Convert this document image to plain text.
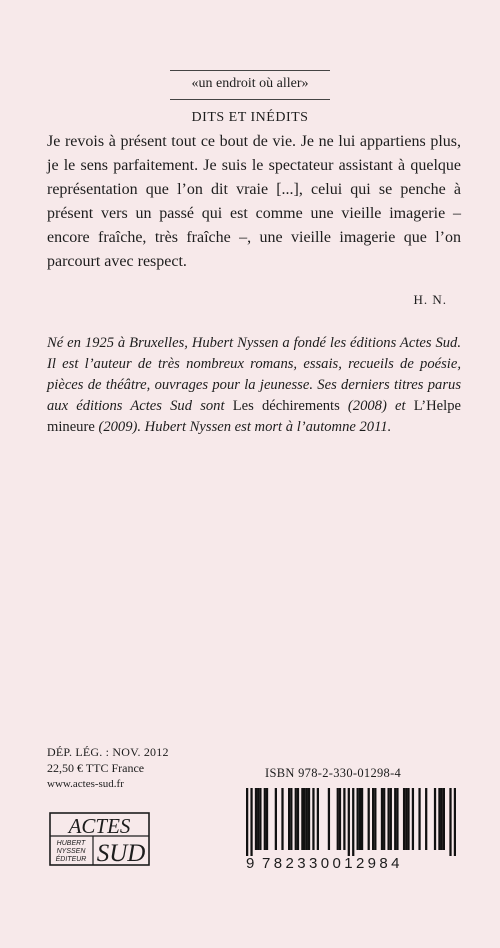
«un endroit où aller»
DITS ET INÉDITS

Je revois à présent tout ce bout de vie. Je ne lui appartiens plus, je le sens parfaitement. Je suis le spectateur assistant à quelque représentation que l’on dit vraie [...], celui qui se penche à présent vers un passé qui est comme une vieille imagerie – encore fraîche, très fraîche –, une vieille imagerie que l’on parcourt avec respect.

H. N.

Né en 1925 à Bruxelles, Hubert Nyssen a fondé les éditions Actes Sud. Il est l’auteur de très nombreux romans, essais, recueils de poésie, pièces de théâtre, ouvrages pour la jeunesse. Ses derniers titres parus aux éditions Actes Sud sont Les déchirements (2008) et L’Helpe mineure (2009). Hubert Nyssen est mort à l’automne 2011.

DÉP. LÉG. : NOV. 2012
22,50 € TTC France
www.actes-sud.fr
ACTES
HUBERT
NYSSEN
ÉDITEUR SUD
ISBN 978-2-330-01298-4
9 782330012984
